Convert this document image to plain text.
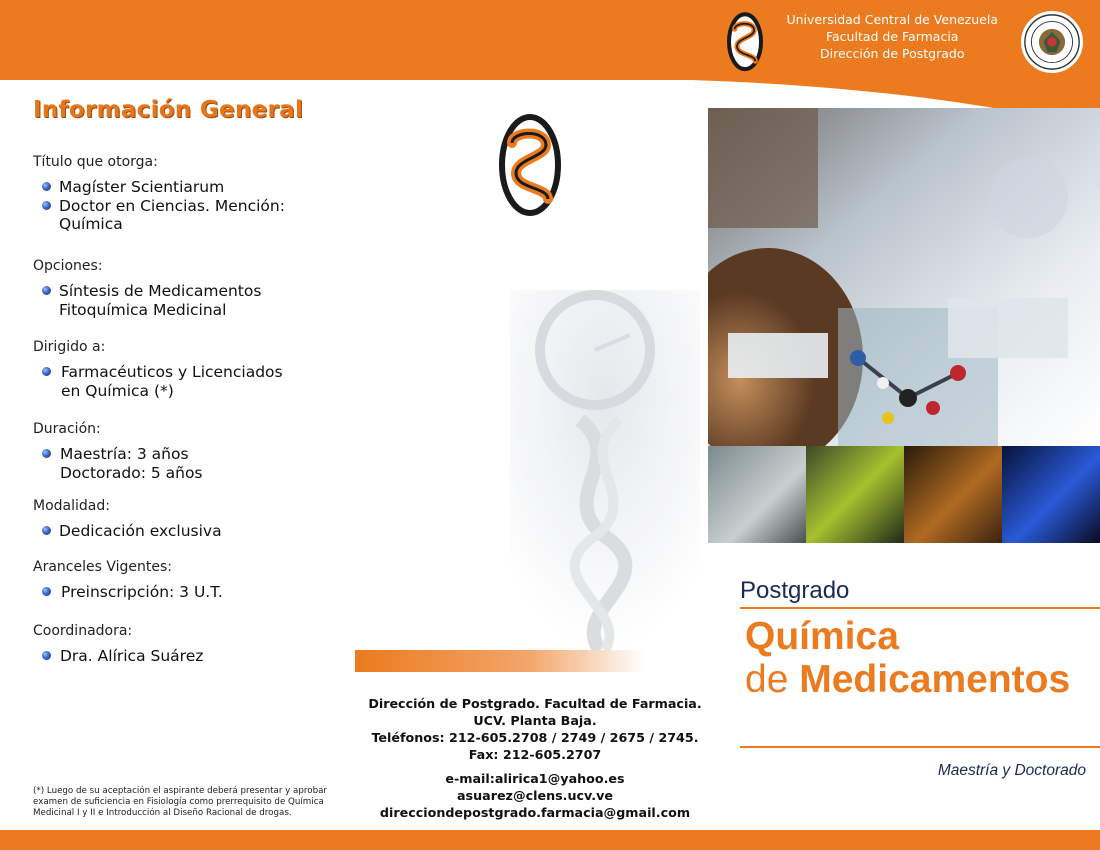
Universidad Central de Venezuela
Facultad de Farmacia
Dirección de Postgrado
Información General
Título que otorga:
Magíster Scientiarum
Doctor en Ciencias. Mención:
Química
Opciones:
Síntesis de Medicamentos
Fitoquímica Medicinal
Dirigido a:
Farmacéuticos y Licenciados
en Química (*)
Duración:
Maestría: 3 años
Doctorado: 5 años
Modalidad:
Dedicación exclusiva
Aranceles Vigentes:
Preinscripción: 3 U.T.
Coordinadora:
Dra. Alírica Suárez
(*) Luego de su aceptación el aspirante deberá presentar y aprobar examen de suficiencia en Fisiología como prerrequisito de Química Medicinal I y II e Introducción al Diseño Racional de drogas.
Dirección de Postgrado. Facultad de Farmacia.
UCV. Planta Baja.
Teléfonos: 212-605.2708 / 2749 / 2675 / 2745.
Fax: 212-605.2707
e-mail:alirica1@yahoo.es
asuarez@clens.ucv.ve
direcciondepostgrado.farmacia@gmail.com
Postgrado
Química
de Medicamentos
Maestría y Doctorado
